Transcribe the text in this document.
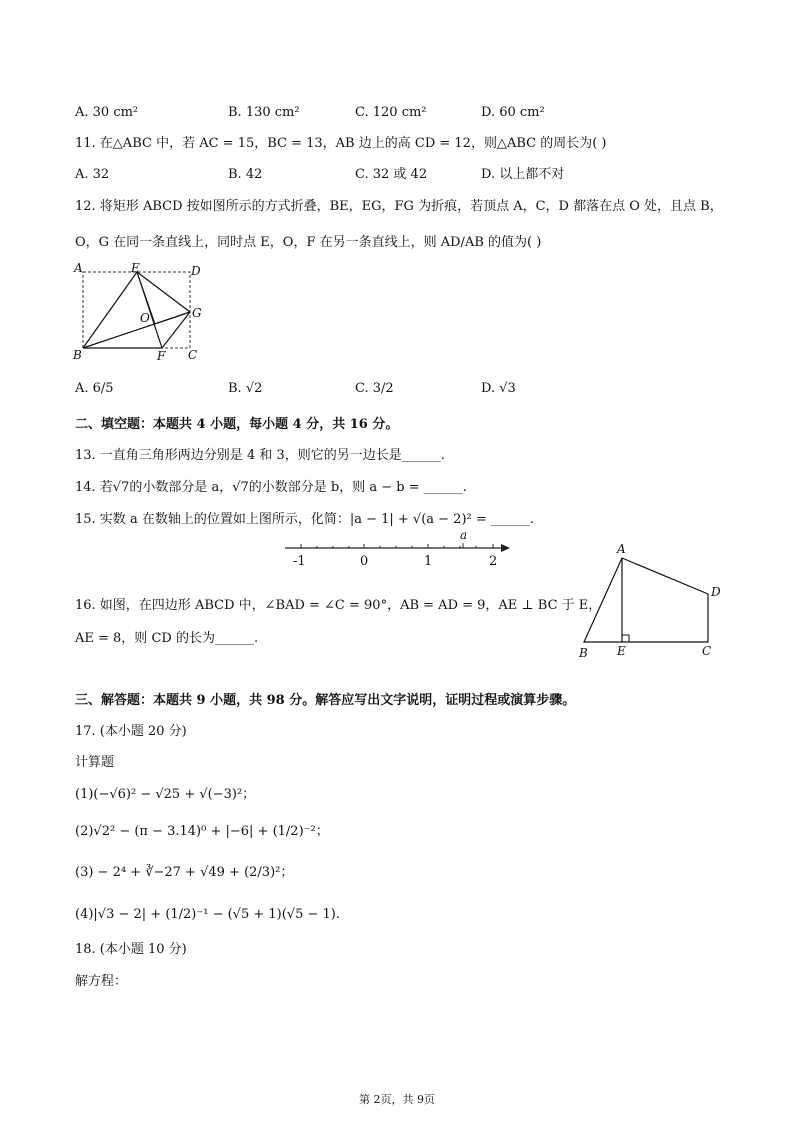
A. 30 cm²	B. 130 cm²	C. 120 cm²	D. 60 cm²
11. 在△ABC 中，若 AC = 15，BC = 13，AB 边上的高 CD = 12，则△ABC 的周长为( )
A. 32	B. 42	C. 32 或 42	D. 以上都不对
12. 将矩形 ABCD 按如图所示的方式折叠，BE，EG，FG 为折痕，若顶点 A，C，D 都落在点 O 处，且点 B，
O，G 在同一条直线上，同时点 E，O，F 在另一条直线上，则 AD/AB 的值为( )
A	E	D
O	G
B	F C
A. 6/5	B. √2	C. 3/2	D. √3
二、填空题：本题共 4 小题，每小题 4 分，共 16 分。
13. 一直角三角形两边分别是 4 和 3，则它的另一边长是______.
14. 若√7的小数部分是 a，√7的小数部分是 b，则 a − b = ______.
15. 实数 a 在数轴上的位置如上图所示，化简：|a − 1| + √(a − 2)² = ______.
a
-1	0	1	2
16. 如图，在四边形 ABCD 中，∠BAD = ∠C = 90°，AB = AD = 9，AE ⊥ BC 于 E，
AE = 8，则 CD 的长为______.
A
D
B E	C
三、解答题：本题共 9 小题，共 98 分。解答应写出文字说明，证明过程或演算步骤。
17. (本小题 20 分)
计算题
(1)(−√6)² − √25 + √(−3)²；
(2)√2² − (π − 3.14)⁰ + |−6| + (1/2)⁻²；
(3) − 2⁴ + ∛−27 + √49 + (2/3)²；
(4)|√3 − 2| + (1/2)⁻¹ − (√5 + 1)(√5 − 1).
18. (本小题 10 分)
解方程：
第 2页，共 9页
